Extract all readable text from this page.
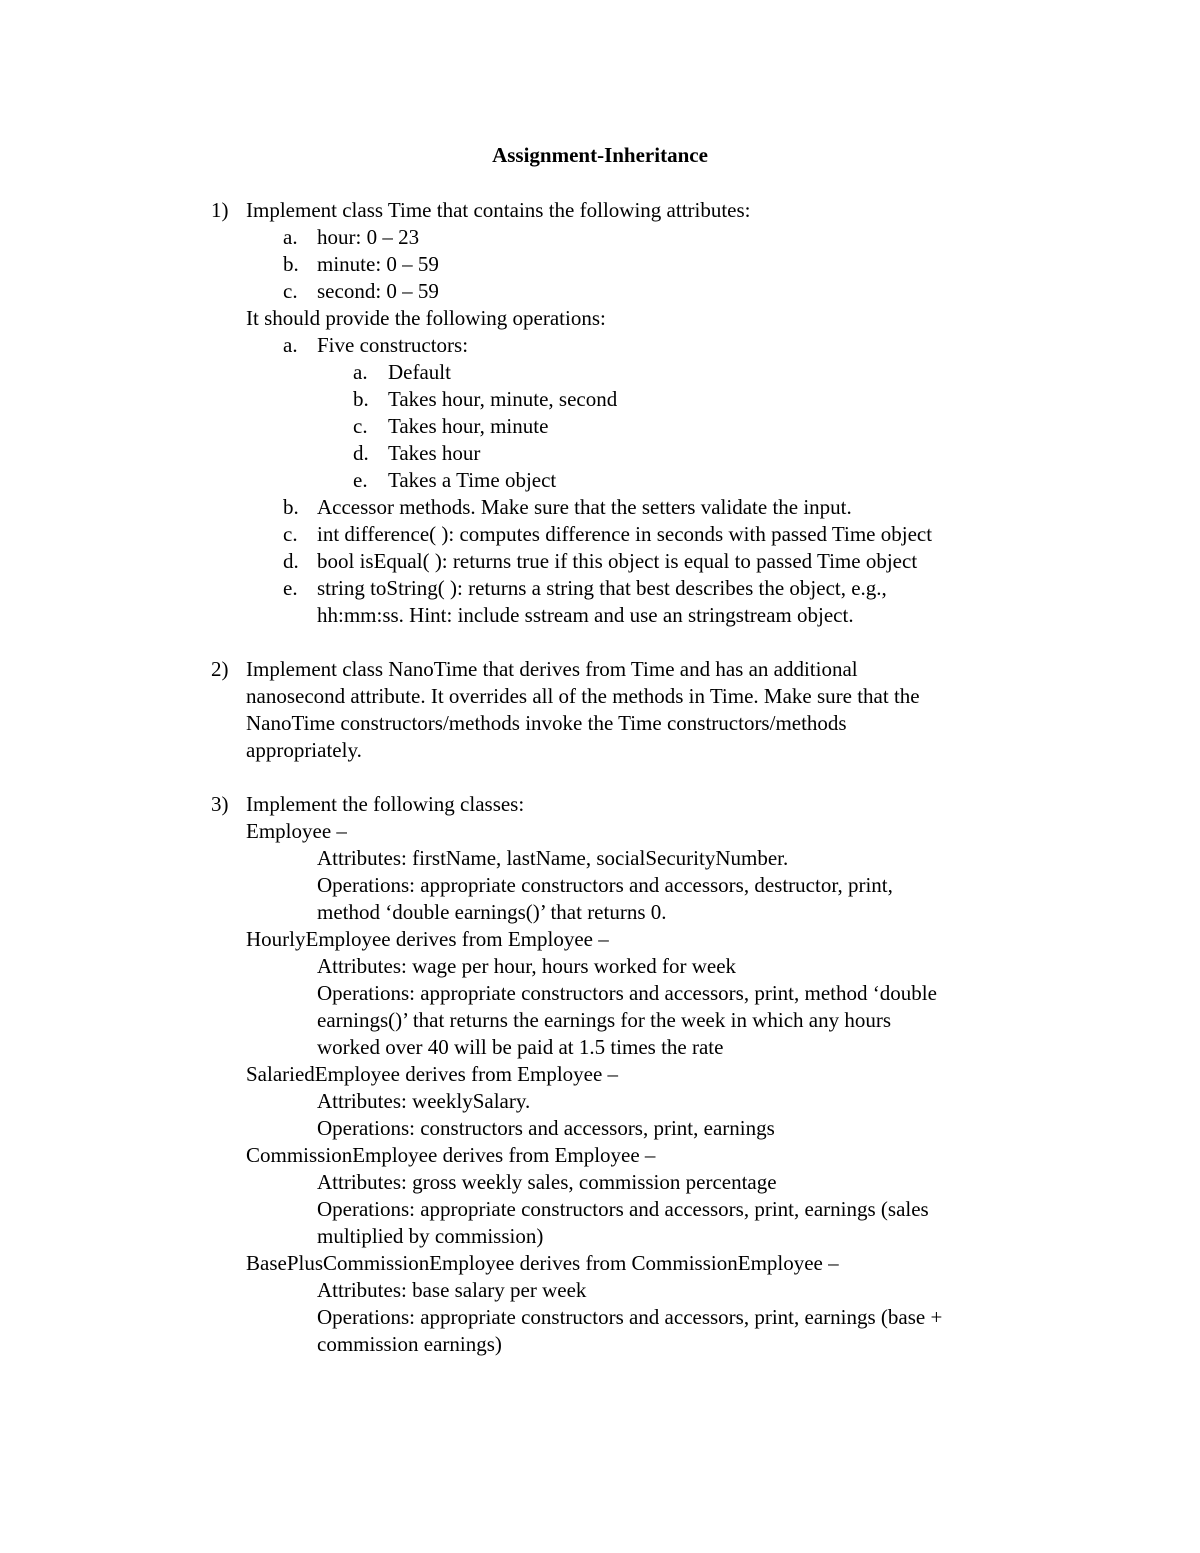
Assignment-Inheritance
1) Implement class Time that contains the following attributes:
a. hour: 0 – 23
b. minute: 0 – 59
c. second: 0 – 59
It should provide the following operations:
a. Five constructors:
a. Default
b. Takes hour, minute, second
c. Takes hour, minute
d. Takes hour
e. Takes a Time object
b. Accessor methods. Make sure that the setters validate the input.
c. int difference( ): computes difference in seconds with passed Time object
d. bool isEqual( ): returns true if this object is equal to passed Time object
e. string toString( ): returns a string that best describes the object, e.g.,
hh:mm:ss. Hint: include sstream and use an stringstream object.
2) Implement class NanoTime that derives from Time and has an additional
nanosecond attribute. It overrides all of the methods in Time. Make sure that the
NanoTime constructors/methods invoke the Time constructors/methods
appropriately.
3) Implement the following classes:
Employee –
Attributes: firstName, lastName, socialSecurityNumber.
Operations: appropriate constructors and accessors, destructor, print,
method ‘double earnings()’ that returns 0.
HourlyEmployee derives from Employee –
Attributes: wage per hour, hours worked for week
Operations: appropriate constructors and accessors, print, method ‘double
earnings()’ that returns the earnings for the week in which any hours
worked over 40 will be paid at 1.5 times the rate
SalariedEmployee derives from Employee –
Attributes: weeklySalary.
Operations: constructors and accessors, print, earnings
CommissionEmployee derives from Employee –
Attributes: gross weekly sales, commission percentage
Operations: appropriate constructors and accessors, print, earnings (sales
multiplied by commission)
BasePlusCommissionEmployee derives from CommissionEmployee –
Attributes: base salary per week
Operations: appropriate constructors and accessors, print, earnings (base +
commission earnings)
